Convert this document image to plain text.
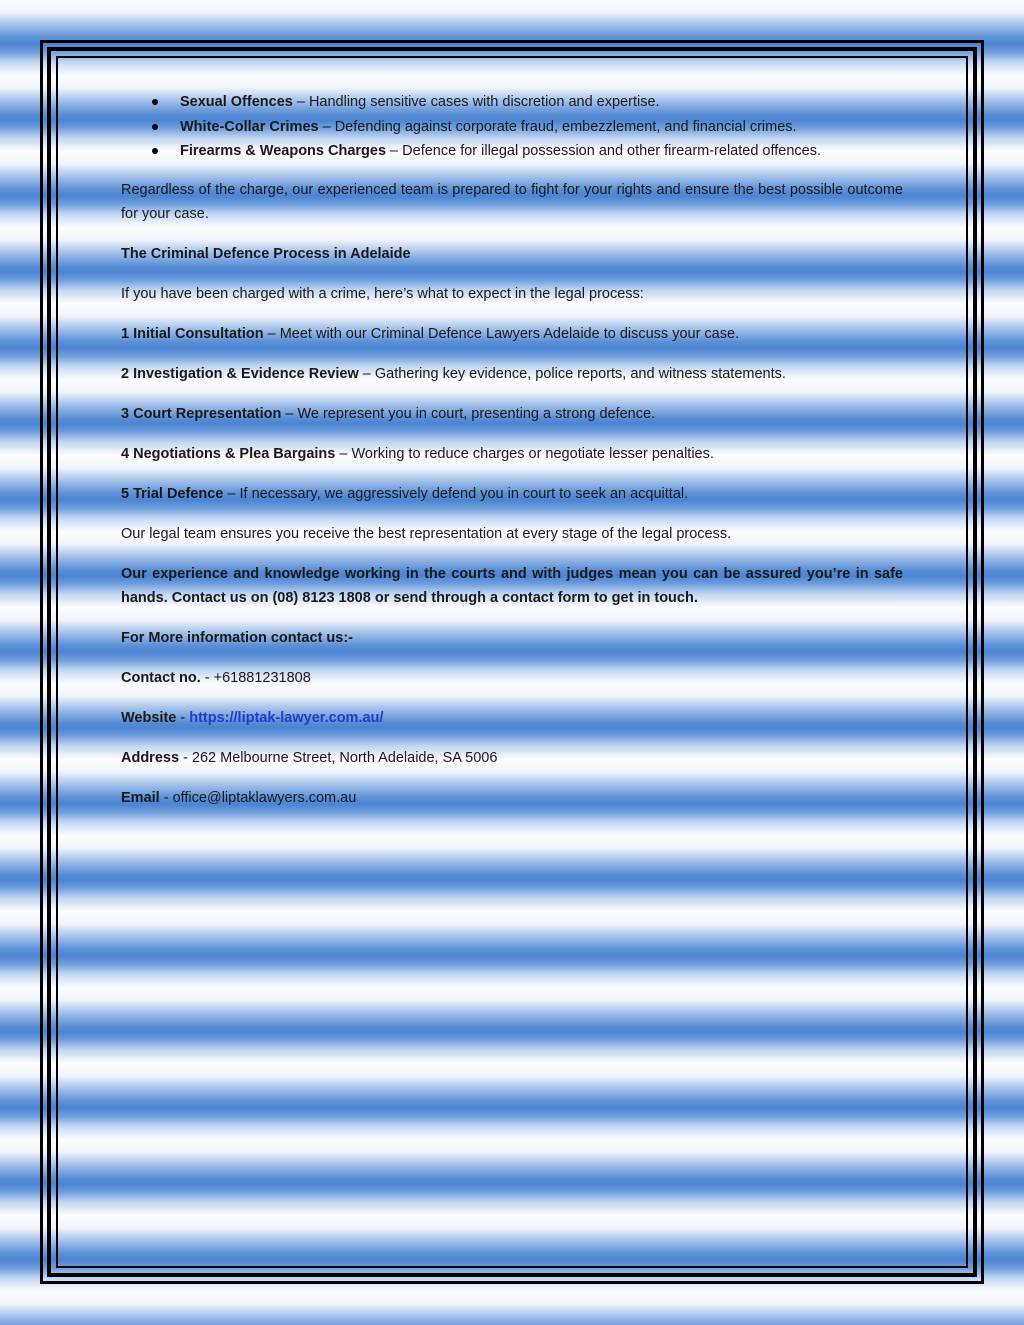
Sexual Offences – Handling sensitive cases with discretion and expertise.
White-Collar Crimes – Defending against corporate fraud, embezzlement, and financial crimes.
Firearms & Weapons Charges – Defence for illegal possession and other firearm-related offences.

Regardless of the charge, our experienced team is prepared to fight for your rights and ensure the best possible outcome for your case.

The Criminal Defence Process in Adelaide

If you have been charged with a crime, here’s what to expect in the legal process:

1 Initial Consultation – Meet with our Criminal Defence Lawyers Adelaide to discuss your case.

2 Investigation & Evidence Review – Gathering key evidence, police reports, and witness statements.

3 Court Representation – We represent you in court, presenting a strong defence.

4 Negotiations & Plea Bargains – Working to reduce charges or negotiate lesser penalties.

5 Trial Defence – If necessary, we aggressively defend you in court to seek an acquittal.

Our legal team ensures you receive the best representation at every stage of the legal process.

Our experience and knowledge working in the courts and with judges mean you can be assured you’re in safe hands. Contact us on (08) 8123 1808 or send through a contact form to get in touch.

For More information contact us:-

Contact no. - +61881231808

Website - https://liptak-lawyer.com.au/

Address - 262 Melbourne Street, North Adelaide, SA 5006

Email - office@liptaklawyers.com.au
